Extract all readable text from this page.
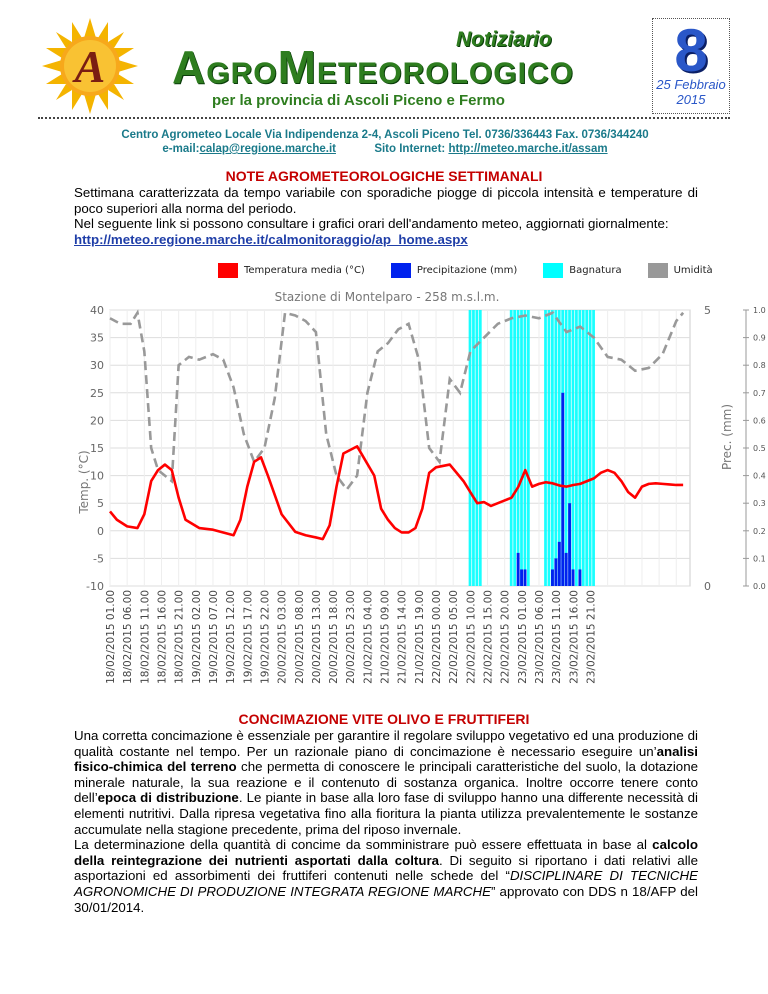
A
Notiziario
AGROMETEOROLOGICO
per la provincia di Ascoli Piceno e Fermo
8
25 Febbraio
2015
Centro Agrometeo Locale Via Indipendenza 2-4, Ascoli Piceno Tel. 0736/336443 Fax. 0736/344240
e-mail:calap@regione.marche.it	Sito Internet: http://meteo.marche.it/assam
NOTE AGROMETEOROLOGICHE SETTIMANALI
Settimana caratterizzata da tempo variabile con sporadiche piogge di piccola intensità e temperature di poco superiori alla norma del periodo.
Nel seguente link si possono consultare i grafici orari dell'andamento meteo, aggiornati giornalmente:
http://meteo.regione.marche.it/calmonitoraggio/ap_home.aspx
Temperatura media (°C)	Precipitazione (mm)	Bagnatura	Umidità
Stazione di Montelparo - 258 m.s.l.m.
Temp. (°C)
Prec. (mm)
40
35
30
25
20
15
10
5
0
-5
-10
18/02/2015 01.00 18/02/2015 06.00 18/02/2015 11.00 18/02/2015 16.00 18/02/2015 21.00 19/02/2015 02.00 19/02/2015 07.00 19/02/2015 12.00 19/02/2015 17.00 19/02/2015 22.00 20/02/2015 03.00 20/02/2015 08.00 20/02/2015 13.00 20/02/2015 18.00 20/02/2015 23.00 21/02/2015 04.00 21/02/2015 09.00 21/02/2015 14.00 21/02/2015 19.00 22/02/2015 00.00 22/02/2015 05.00 22/02/2015 10.00 22/02/2015 15.00 22/02/2015 20.00 23/02/2015 01.00 23/02/2015 06.00 23/02/2015 11.00 23/02/2015 16.00 23/02/2015 21.00
5
0
1.0
0.9
0.8
0.7
0.6
0.5
0.4
0.3
0.2
0.1
0.0
CONCIMAZIONE VITE OLIVO E FRUTTIFERI
Una corretta concimazione è essenziale per garantire il regolare sviluppo vegetativo ed una produzione di qualità costante nel tempo. Per un razionale piano di concimazione è necessario eseguire un’analisi fisico-chimica del terreno che permetta di conoscere le principali caratteristiche del suolo, la dotazione minerale naturale, la sua reazione e il contenuto di sostanza organica. Inoltre occorre tenere conto dell’epoca di distribuzione. Le piante in base alla loro fase di sviluppo hanno una differente necessità di elementi nutritivi. Dalla ripresa vegetativa fino alla fioritura la pianta utilizza prevalentemente le sostanze accumulate nella stagione precedente, prima del riposo invernale.
La determinazione della quantità di concime da somministrare può essere effettuata in base al calcolo della reintegrazione dei nutrienti asportati dalla coltura. Di seguito si riportano i dati relativi alle asportazioni ed assorbimenti dei fruttiferi contenuti nelle schede del “DISCIPLINARE DI TECNICHE AGRONOMICHE DI PRODUZIONE INTEGRATA REGIONE MARCHE” approvato con DDS n 18/AFP del 30/01/2014.
